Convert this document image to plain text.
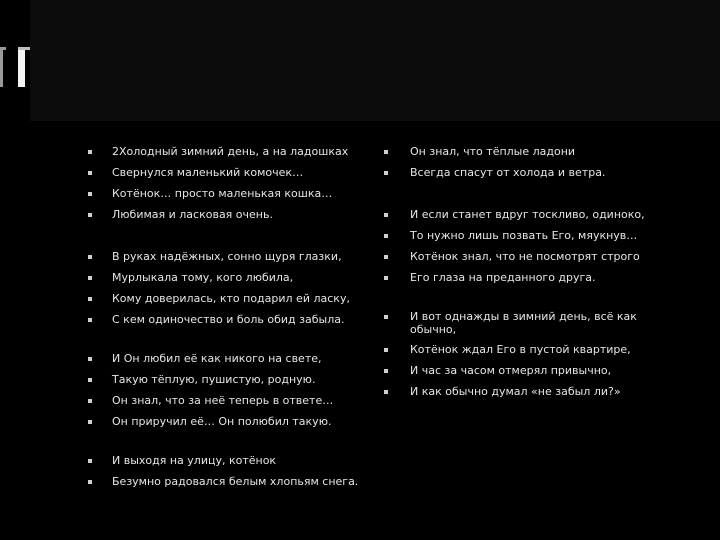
2Холодный зимний день, а на ладошках
Свернулся маленький комочек…
Котёнок… просто маленькая кошка…
Любимая и ласковая очень.
В руках надёжных, сонно щуря глазки,
Мурлыкала тому, кого любила,
Кому доверилась, кто подарил ей ласку,
С кем одиночество и боль обид забыла.
И Он любил её как никого на свете,
Такую тёплую, пушистую, родную.
Он знал, что за неё теперь в ответе…
Он приручил её… Он полюбил такую.
И выходя на улицу, котёнок
Безумно радовался белым хлопьям снега.
Он знал, что тёплые ладони
Всегда спасут от холода и ветра.
И если станет вдруг тоскливо, одиноко,
То нужно лишь позвать Его, мяукнув…
Котёнок знал, что не посмотрят строго
Его глаза на преданного друга.
И вот однажды в зимний день, всё как обычно,
Котёнок ждал Его в пустой квартире,
И час за часом отмерял привычно,
И как обычно думал «не забыл ли?»
